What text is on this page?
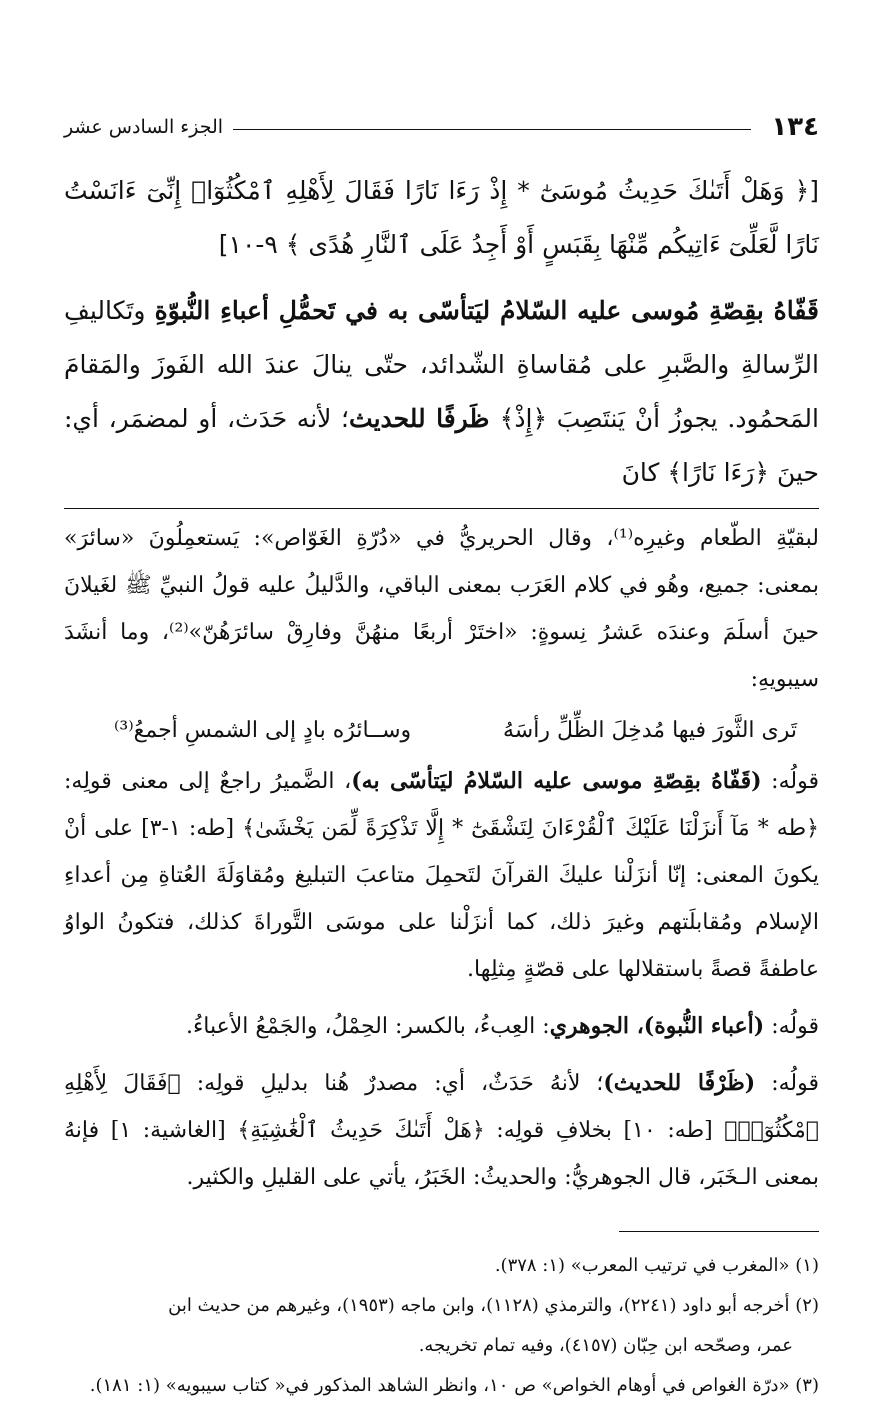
١٣٤
الجزء السادس عشر

[﴿ وَهَلْ أَتَىٰكَ حَدِيثُ مُوسَىٰٓ * إِذْ رَءَا نَارًا فَقَالَ لِأَهْلِهِ ٱمْكُثُوٓا۟ إِنِّىٓ ءَانَسْتُ نَارًا لَّعَلِّىٓ ءَاتِيكُم مِّنْهَا بِقَبَسٍ أَوْ أَجِدُ عَلَى ٱلنَّارِ هُدًى ﴾ ٩-١٠]

قَفّاهُ بقِصّةِ مُوسى عليه السّلامُ ليَتأسّى به في تَحمُّلِ أعباءِ النُّبوّةِ وتَكاليفِ الرِّسالةِ والصَّبرِ على مُقاساةِ الشّدائد، حتّى ينالَ عندَ الله الفَوزَ والمَقامَ المَحمُود. يجوزُ أنْ يَنتَصِبَ ﴿إِذْ﴾ ظَرفًا للحديث؛ لأنه حَدَث، أو لمضمَر، أي: حينَ ﴿رَءَا نَارًا﴾ كانَ

لبقيّةِ الطّعام وغيرِه⁽¹⁾، وقال الحريريُّ في «دُرّةِ الغَوّاص»: يَستعمِلُونَ «سائرَ» بمعنى: جميع، وهُو في كلام العَرَب بمعنى الباقي، والدَّليلُ عليه قولُ النبيِّ ﷺ لغَيلانَ حينَ أسلَمَ وعندَه عَشرُ نِسوةٍ: «اختَرْ أربعًا منهُنَّ وفارِقْ سائرَهُنّ»⁽²⁾، وما أنشَدَ سيبويهِ:

تَرى الثَّورَ فيها مُدخِلَ الظِّلِّ رأسَهُ
وســائرُه بادٍ إلى الشمسِ أجمعُ⁽³⁾

قولُه: (قَفّاهُ بقِصّةِ موسى عليه السّلامُ ليَتأسّى به)، الضَّميرُ راجعٌ إلى معنى قولِه: ﴿طه * مَآ أَنزَلْنَا عَلَيْكَ ٱلْقُرْءَانَ لِتَشْقَىٰٓ * إِلَّا تَذْكِرَةً لِّمَن يَخْشَىٰ﴾ [طه: ١-٣] على أنْ يكونَ المعنى: إنّا أنزَلْنا عليكَ القرآنَ لتَحمِلَ متاعبَ التبليغ ومُقاوَلَةَ العُتاةِ مِن أعداءِ الإسلام ومُقابلَتهم وغيرَ ذلك، كما أنزَلْنا على موسَى التَّوراةَ كذلك، فتكونُ الواوُ عاطفةً قصةً باستقلالها على قصّةٍ مِثلِها.

قولُه: (أعباء النُّبوة)، الجوهري: العِبءُ، بالكسر: الحِمْلُ، والجَمْعُ الأعباءُ.

قولُه: (ظَرْفًا للحديث)؛ لأنهُ حَدَثٌ، أي: مصدرٌ هُنا بدليلِ قولِه: ﴿فَقَالَ لِأَهْلِهِ ٱمْكُثُوٓا۟﴾ [طه: ١٠] بخلافِ قولِه: ﴿هَلْ أَتَىٰكَ حَدِيثُ ٱلْغَٰشِيَةِ﴾ [الغاشية: ١] فإنهُ بمعنى الـخَبَر، قال الجوهريُّ: والحديثُ: الخَبَرُ، يأتي على القليلِ والكثير.

(١) «المغرب في ترتيب المعرب» (١: ٣٧٨).

(٢) أخرجه أبو داود (٢٢٤١)، والترمذي (١١٢٨)، وابن ماجه (١٩٥٣)، وغيرهم من حديث ابن

عمر، وصحّحه ابن حِبّان (٤١٥٧)، وفيه تمام تخريجه.

(٣) «درّة الغواص في أوهام الخواص» ص ١٠، وانظر الشاهد المذكور في« كتاب سيبويه» (١: ١٨١).
